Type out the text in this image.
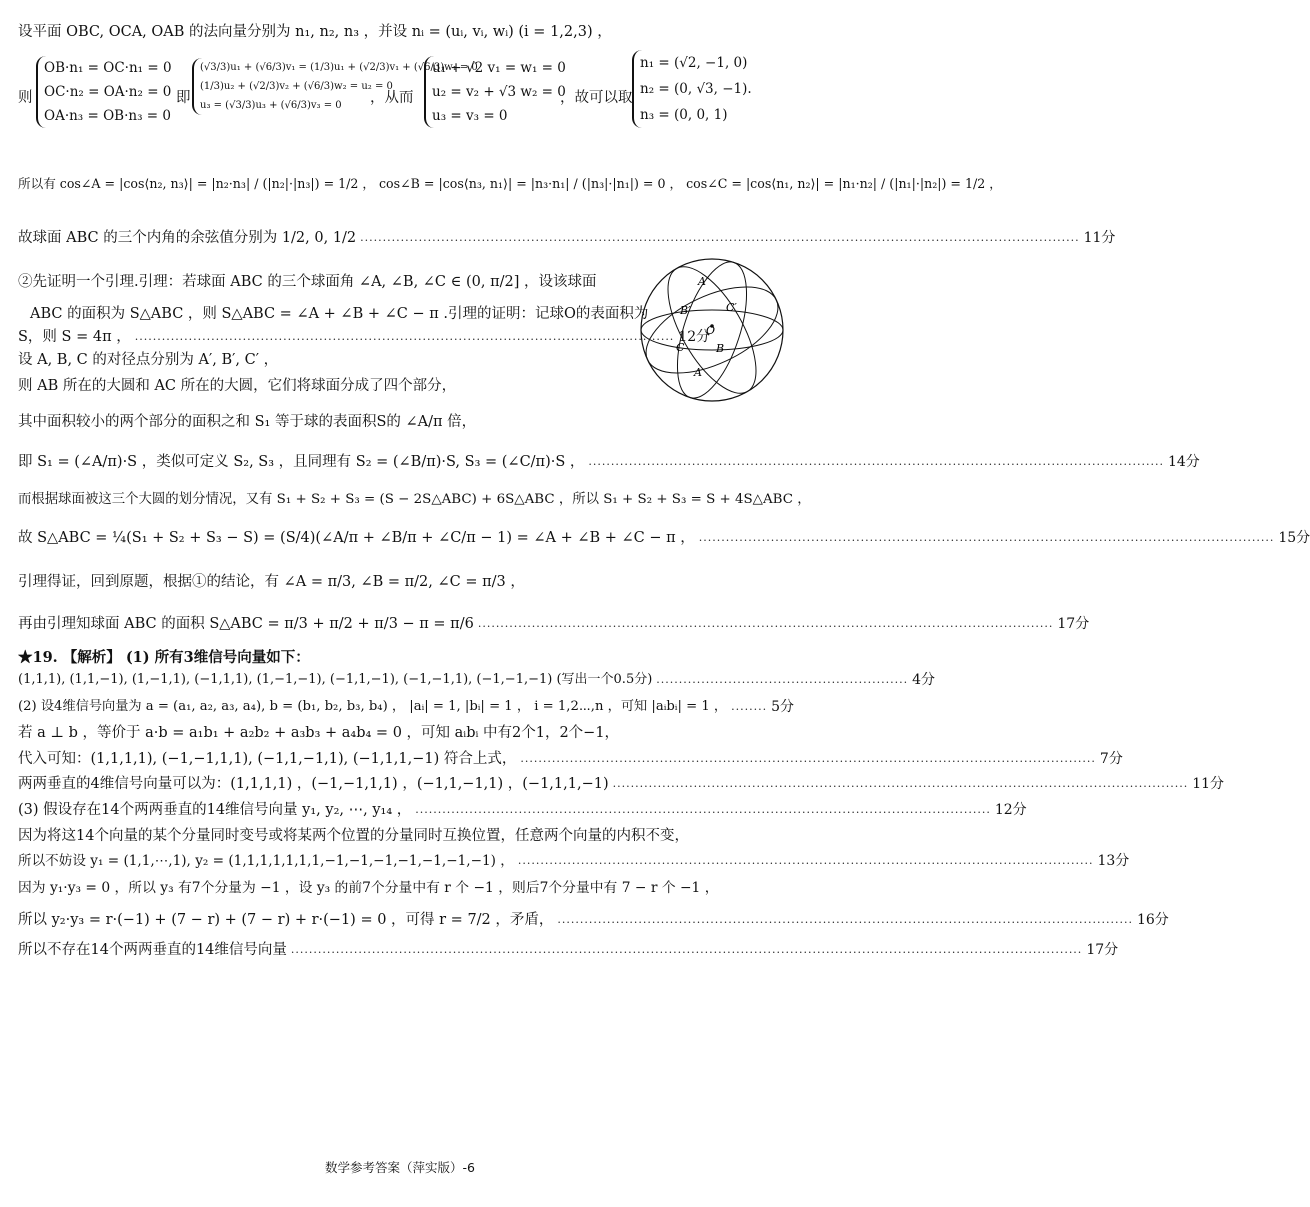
设平面 OBC, OCA, OAB 的法向量分别为 n₁, n₂, n₃ ，并设 nᵢ = (uᵢ, vᵢ, wᵢ) (i = 1,2,3) ，
则
OB·n₁ = OC·n₁ = 0
OC·n₂ = OA·n₂ = 0
OA·n₃ = OB·n₃ = 0
即
(√3/3)u₁ + (√6/3)v₁ = (1/3)u₁ + (√2/3)v₁ + (√6/3)w₁ = 0
(1/3)u₂ + (√2/3)v₂ + (√6/3)w₂ = u₂ = 0
u₃ = (√3/3)u₃ + (√6/3)v₃ = 0	，从而
u₁ + √2 v₁ = w₁ = 0
u₂ = v₂ + √3 w₂ = 0
u₃ = v₃ = 0
，故可以取
n₁ = (√2, −1, 0)
n₂ = (0, √3, −1).
n₃ = (0, 0, 1)
所以有 cos∠A = |cos⟨n₂, n₃⟩| = |n₂·n₃| / (|n₂|·|n₃|) = 1/2 ， cos∠B = |cos⟨n₃, n₁⟩| = |n₃·n₁| / (|n₃|·|n₁|) = 0 ， cos∠C = |cos⟨n₁, n₂⟩| = |n₁·n₂| / (|n₁|·|n₂|) = 1/2 ，
故球面 ABC 的三个内角的余弦值分别为 1/2, 0, 1/2 ................................................................................................................................................................ 11分
O
A
B
C
A′
B′	C′
②先证明一个引理.引理：若球面 ABC 的三个球面角 ∠A, ∠B, ∠C ∈ (0, π/2] ，设该球面
ABC 的面积为 S△ABC ，则 S△ABC = ∠A + ∠B + ∠C − π .引理的证明：记球O的表面积为
S，则 S = 4π ， ........................................................................................................................ 12分
设 A, B, C 的对径点分别为 A′, B′, C′ ，
则 AB 所在的大圆和 AC 所在的大圆，它们将球面分成了四个部分，
其中面积较小的两个部分的面积之和 S₁ 等于球的表面积S的 ∠A/π 倍，
即 S₁ = (∠A/π)·S ，类似可定义 S₂, S₃ ，且同理有 S₂ = (∠B/π)·S, S₃ = (∠C/π)·S ， ................................................................................................................................ 14分
而根据球面被这三个大圆的划分情况，又有 S₁ + S₂ + S₃ = (S − 2S△ABC) + 6S△ABC ，所以 S₁ + S₂ + S₃ = S + 4S△ABC ，
故 S△ABC = ¼(S₁ + S₂ + S₃ − S) = (S/4)(∠A/π + ∠B/π + ∠C/π − 1) = ∠A + ∠B + ∠C − π ， ................................................................................................................................ 15分
引理得证，回到原题，根据①的结论，有 ∠A = π/3, ∠B = π/2, ∠C = π/3 ，
再由引理知球面 ABC 的面积 S△ABC = π/3 + π/2 + π/3 − π = π/6 ................................................................................................................................ 17分
★19. 【解析】 (1) 所有3维信号向量如下：
(1,1,1), (1,1,−1), (1,−1,1), (−1,1,1), (1,−1,−1), (−1,1,−1), (−1,−1,1), (−1,−1,−1) (写出一个0.5分) ........................................................ 4分
(2) 设4维信号向量为 a = (a₁, a₂, a₃, a₄), b = (b₁, b₂, b₃, b₄) ， |aᵢ| = 1, |bᵢ| = 1 ， i = 1,2⋯,n ，可知 |aᵢbᵢ| = 1 ， ........ 5分
若 a ⊥ b ，等价于 a·b = a₁b₁ + a₂b₂ + a₃b₃ + a₄b₄ = 0 ，可知 aᵢbᵢ 中有2个1，2个−1，
代入可知：(1,1,1,1), (−1,−1,1,1), (−1,1,−1,1), (−1,1,1,−1) 符合上式， ................................................................................................................................ 7分
两两垂直的4维信号向量可以为：(1,1,1,1) ，(−1,−1,1,1) ，(−1,1,−1,1) ，(−1,1,1,−1) ................................................................................................................................ 11分
(3) 假设存在14个两两垂直的14维信号向量 y₁, y₂, ⋯, y₁₄ ， ................................................................................................................................ 12分
因为将这14个向量的某个分量同时变号或将某两个位置的分量同时互换位置，任意两个向量的内积不变，
所以不妨设 y₁ = (1,1,⋯,1), y₂ = (1,1,1,1,1,1,1,−1,−1,−1,−1,−1,−1,−1) ， ................................................................................................................................ 13分
因为 y₁·y₃ = 0 ，所以 y₃ 有7个分量为 −1 ，设 y₃ 的前7个分量中有 r 个 −1 ，则后7个分量中有 7 − r 个 −1 ，
所以 y₂·y₃ = r·(−1) + (7 − r) + (7 − r) + r·(−1) = 0 ，可得 r = 7/2 ，矛盾， ................................................................................................................................ 16分
所以不存在14个两两垂直的14维信号向量 ................................................................................................................................................................................ 17分
数学参考答案（萍实版）-6
